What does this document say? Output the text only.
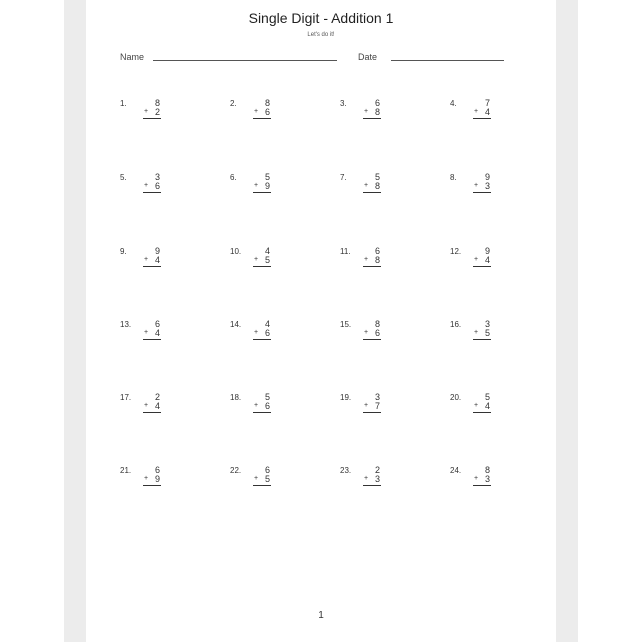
Single Digit - Addition 1
Let's do it!
Name	Date
1.	8
+ 2
2.	8
+ 6
3.	6
+ 8
4.	7
+ 4
5.	3
+ 6
6.	5
+ 9
7.	5
+ 8
8.	9
+ 3
9.	9
+ 4
10.	4
+ 5
11.	6
+ 8
12.	9
+ 4
13.	6
+ 4
14.	4
+ 6
15.	8
+ 6
16.	3
+ 5
17.	2
+ 4
18.	5
+ 6
19.	3
+ 7
20.	5
+ 4
21.	6
+ 9
22.	6
+ 5
23.	2
+ 3
24.	8
+ 3
1
